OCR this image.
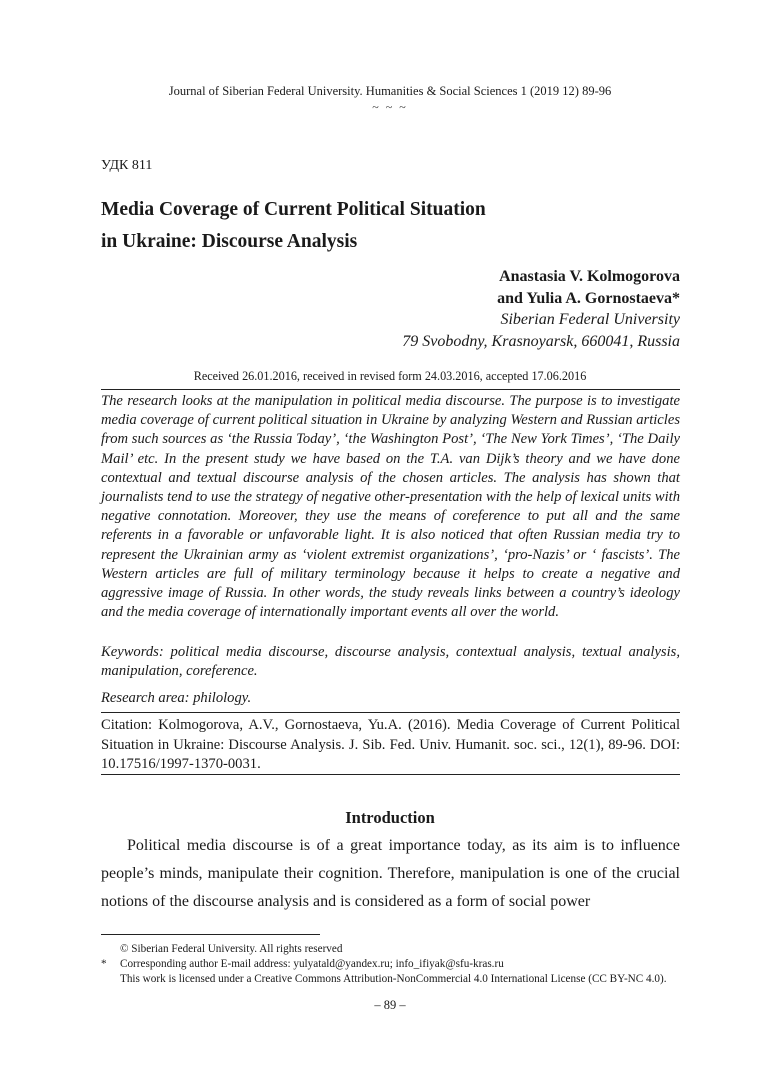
Journal of Siberian Federal University. Humanities & Social Sciences 1 (2019 12) 89-96
~ ~ ~
УДК 811
Media Coverage of Current Political Situation
in Ukraine: Discourse Analysis
Anastasia V. Kolmogorova
and Yulia A. Gornostaeva*
Siberian Federal University
79 Svobodny, Krasnoyarsk, 660041, Russia
Received 26.01.2016, received in revised form 24.03.2016, accepted 17.06.2016
The research looks at the manipulation in political media discourse. The purpose is to investigate media coverage of current political situation in Ukraine by analyzing Western and Russian articles from such sources as ‘the Russia Today’, ‘the Washington Post’, ‘The New York Times’, ‘The Daily Mail’ etc. In the present study we have based on the T.A. van Dijk’s theory and we have done contextual and textual discourse analysis of the chosen articles. The analysis has shown that journalists tend to use the strategy of negative other-presentation with the help of lexical units with negative connotation. Moreover, they use the means of coreference to put all and the same referents in a favorable or unfavorable light. It is also noticed that often Russian media try to represent the Ukrainian army as ‘violent extremist organizations’, ‘pro-Nazis’ or ‘ fascists’. The Western articles are full of military terminology because it helps to create a negative and aggressive image of Russia. In other words, the study reveals links between a country’s ideology and the media coverage of internationally important events all over the world.
Keywords: political media discourse, discourse analysis, contextual analysis, textual analysis, manipulation, coreference.
Research area: philology.
Citation: Kolmogorova, A.V., Gornostaeva, Yu.A. (2016). Media Coverage of Current Political Situation in Ukraine: Discourse Analysis. J. Sib. Fed. Univ. Humanit. soc. sci., 12(1), 89-96. DOI: 10.17516/1997-1370-0031.
Introduction
Political media discourse is of a great importance today, as its aim is to influence people’s minds, manipulate their cognition. Therefore, manipulation is one of the crucial notions of the discourse analysis and is considered as a form of social power
© Siberian Federal University. All rights reserved
* Corresponding author E-mail address: yulyatald@yandex.ru; info_ifiyak@sfu-kras.ru
This work is licensed under a Creative Commons Attribution-NonCommercial 4.0 International License (CC BY-NC 4.0).
– 89 –
